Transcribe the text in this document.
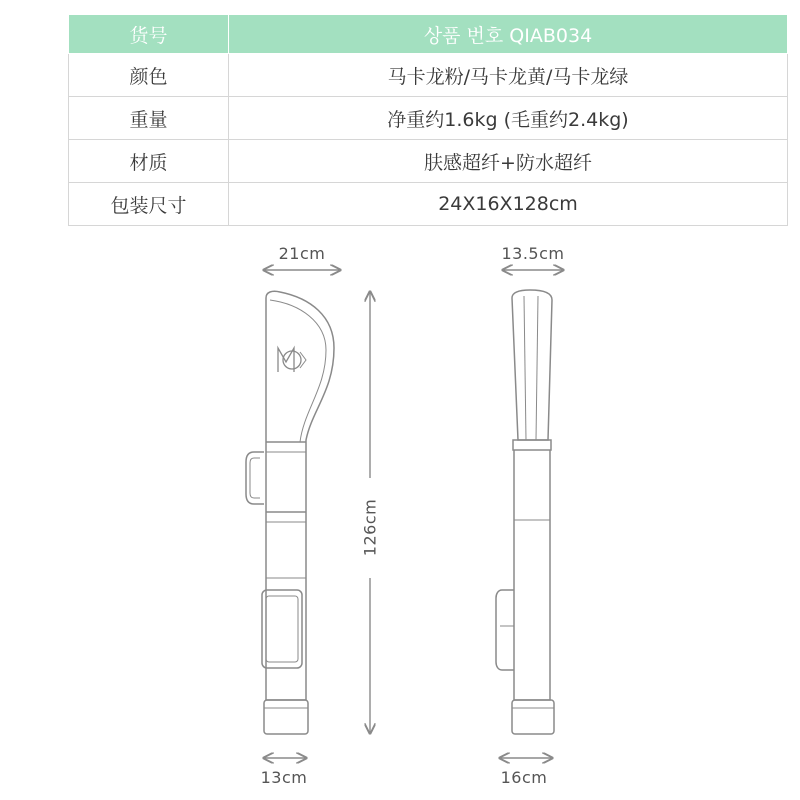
货号	상품 번호 QIAB034
颜色	马卡龙粉/马卡龙黄/马卡龙绿
重量	净重约1.6kg (毛重约2.4kg)
材质	肤感超纤+防水超纤
包装尺寸	24X16X128cm
21cm	13.5cm
126cm
13cm	16cm
